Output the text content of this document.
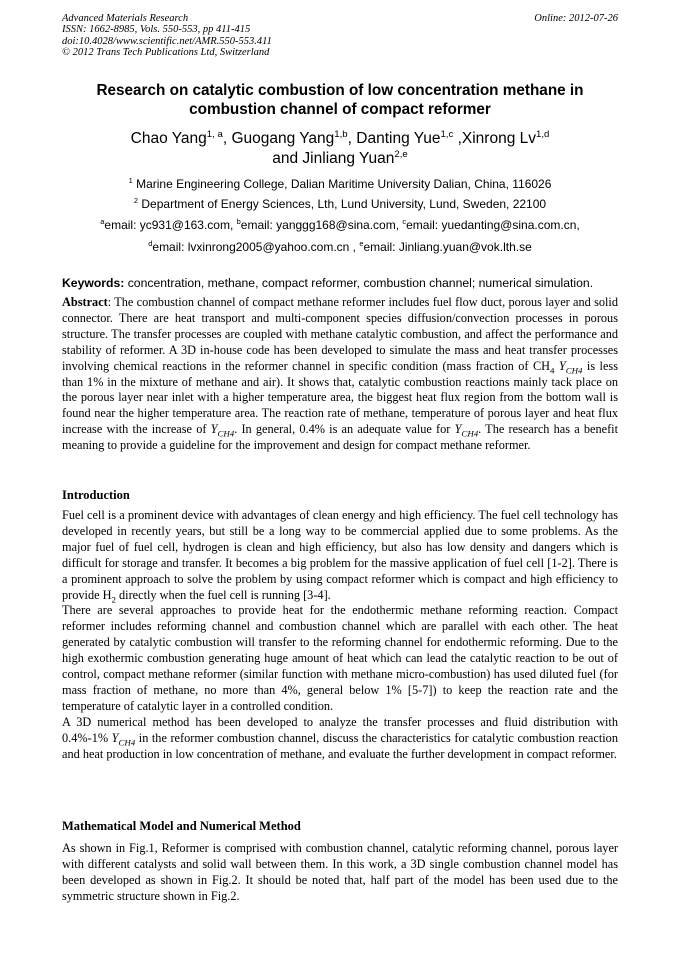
Advanced Materials Research
ISSN: 1662-8985, Vols. 550-553, pp 411-415
doi:10.4028/www.scientific.net/AMR.550-553.411
© 2012 Trans Tech Publications Ltd, Switzerland
Online: 2012-07-26
Research on catalytic combustion of low concentration methane in
combustion channel of compact reformer
Chao Yang$^{1, a}$, Guogang Yang$^{1,b}$, Danting Yue$^{1,c}$ ,Xinrong Lv$^{1,d}$
and Jinliang Yuan$^{2,e}$
$^1$ Marine Engineering College, Dalian Maritime University Dalian, China, 116026
$^2$ Department of Energy Sciences, Lth, Lund University, Lund, Sweden, 22100
$^a$email: yc931@163.com, $^b$email: yanggg168@sina.com, $^c$email: yuedanting@sina.com.cn,
$^d$email: lvxinrong2005@yahoo.com.cn , $^e$email: Jinliang.yuan@vok.lth.se
Keywords: concentration, methane, compact reformer, combustion channel; numerical simulation.
Abstract: The combustion channel of compact methane reformer includes fuel flow duct, porous layer and solid connector. There are heat transport and multi-component species diffusion/convection processes in porous structure. The transfer processes are coupled with methane catalytic combustion, and affect the performance and stability of reformer. A 3D in-house code has been developed to simulate the mass and heat transfer processes involving chemical reactions in the reformer channel in specific condition (mass fraction of $CH_4$ $Y_{CH4}$ is less than 1% in the mixture of methane and air). It shows that, catalytic combustion reactions mainly tack place on the porous layer near inlet with a higher temperature area, the biggest heat flux region from the bottom wall is found near the higher temperature area. The reaction rate of methane, temperature of porous layer and heat flux increase with the increase of $Y_{CH4}$. In general, 0.4% is an adequate value for $Y_{CH4}$. The research has a benefit meaning to provide a guideline for the improvement and design for compact methane reformer.
Introduction

Fuel cell is a prominent device with advantages of clean energy and high efficiency. The fuel cell technology has developed in recently years, but still be a long way to be commercial applied due to some problems. As the major fuel of fuel cell, hydrogen is clean and high efficiency, but also has low density and dangers which is difficult for storage and transfer. It becomes a big problem for the massive application of fuel cell [1-2]. There is a prominent approach to solve the problem by using compact reformer which is compact and high efficiency to provide $H_2$ directly when the fuel cell is running [3-4].

There are several approaches to provide heat for the endothermic methane reforming reaction. Compact reformer includes reforming channel and combustion channel which are parallel with each other. The heat generated by catalytic combustion will transfer to the reforming channel for endothermic reforming. Due to the high exothermic combustion generating huge amount of heat which can lead the catalytic reaction to be out of control, compact methane reformer (similar function with methane micro-combustion) has used diluted fuel (for mass fraction of methane, no more than 4%, general below 1% [5-7]) to keep the reaction rate and the temperature of catalytic layer in a controlled condition.

A 3D numerical method has been developed to analyze the transfer processes and fluid distribution with 0.4%-1% $Y_{CH4}$ in the reformer combustion channel, discuss the characteristics for catalytic combustion reaction and heat production in low concentration of methane, and evaluate the further development in compact reformer.

Mathematical Model and Numerical Method

As shown in Fig.1, Reformer is comprised with combustion channel, catalytic reforming channel, porous layer with different catalysts and solid wall between them. In this work, a 3D single combustion channel model has been developed as shown in Fig.2. It should be noted that, half part of the model has been used due to the symmetric structure shown in Fig.2.
